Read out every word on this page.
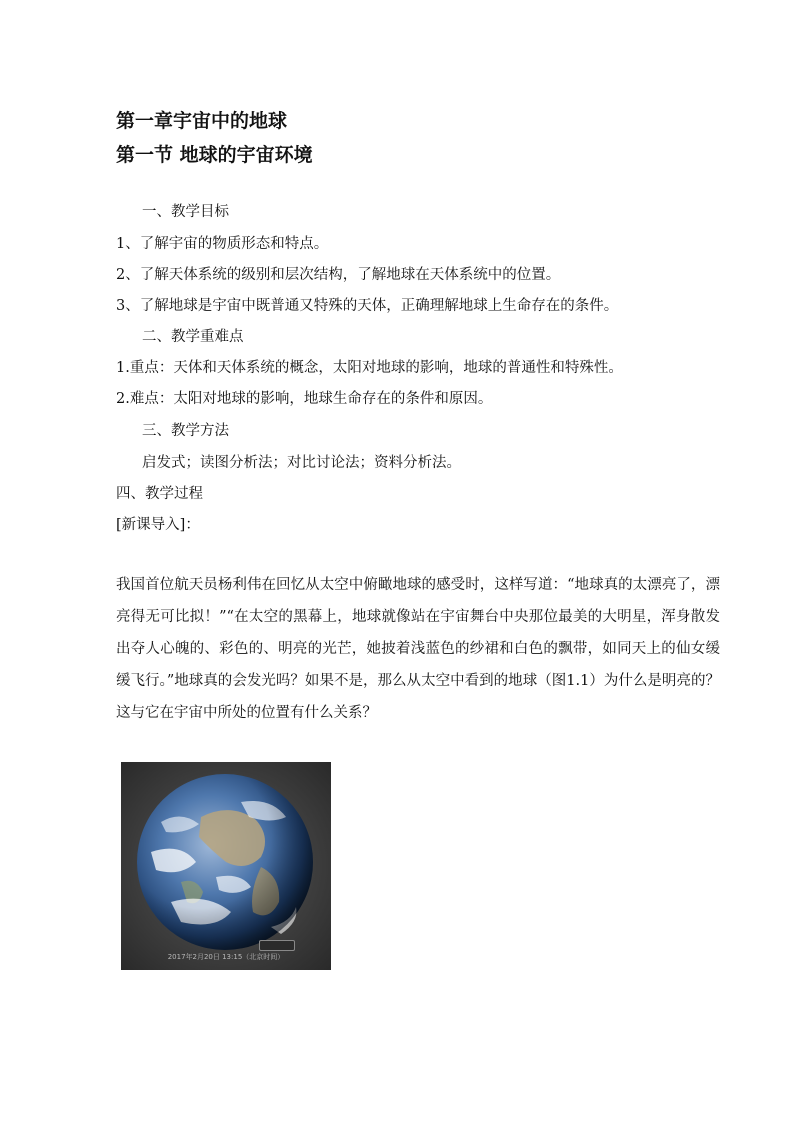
第一章宇宙中的地球
第一节 地球的宇宙环境
一、教学目标
1、了解宇宙的物质形态和特点。
2、了解天体系统的级别和层次结构，了解地球在天体系统中的位置。
3、了解地球是宇宙中既普通又特殊的天体，正确理解地球上生命存在的条件。
二、教学重难点
1.重点：天体和天体系统的概念，太阳对地球的影响，地球的普通性和特殊性。
2.难点：太阳对地球的影响，地球生命存在的条件和原因。
三、教学方法
启发式；读图分析法；对比讨论法；资料分析法。
四、教学过程
[新课导入]：
我国首位航天员杨利伟在回忆从太空中俯瞰地球的感受时，这样写道：“地球真的太漂亮了，漂亮得无可比拟！”“在太空的黑幕上，地球就像站在宇宙舞台中央那位最美的大明星，浑身散发出夺人心魄的、彩色的、明亮的光芒，她披着浅蓝色的纱裙和白色的飘带，如同天上的仙女缓缓飞行。”地球真的会发光吗？如果不是，那么从太空中看到的地球（图1.1）为什么是明亮的？这与它在宇宙中所处的位置有什么关系？
2017年2月20日 13:15（北京时间）
